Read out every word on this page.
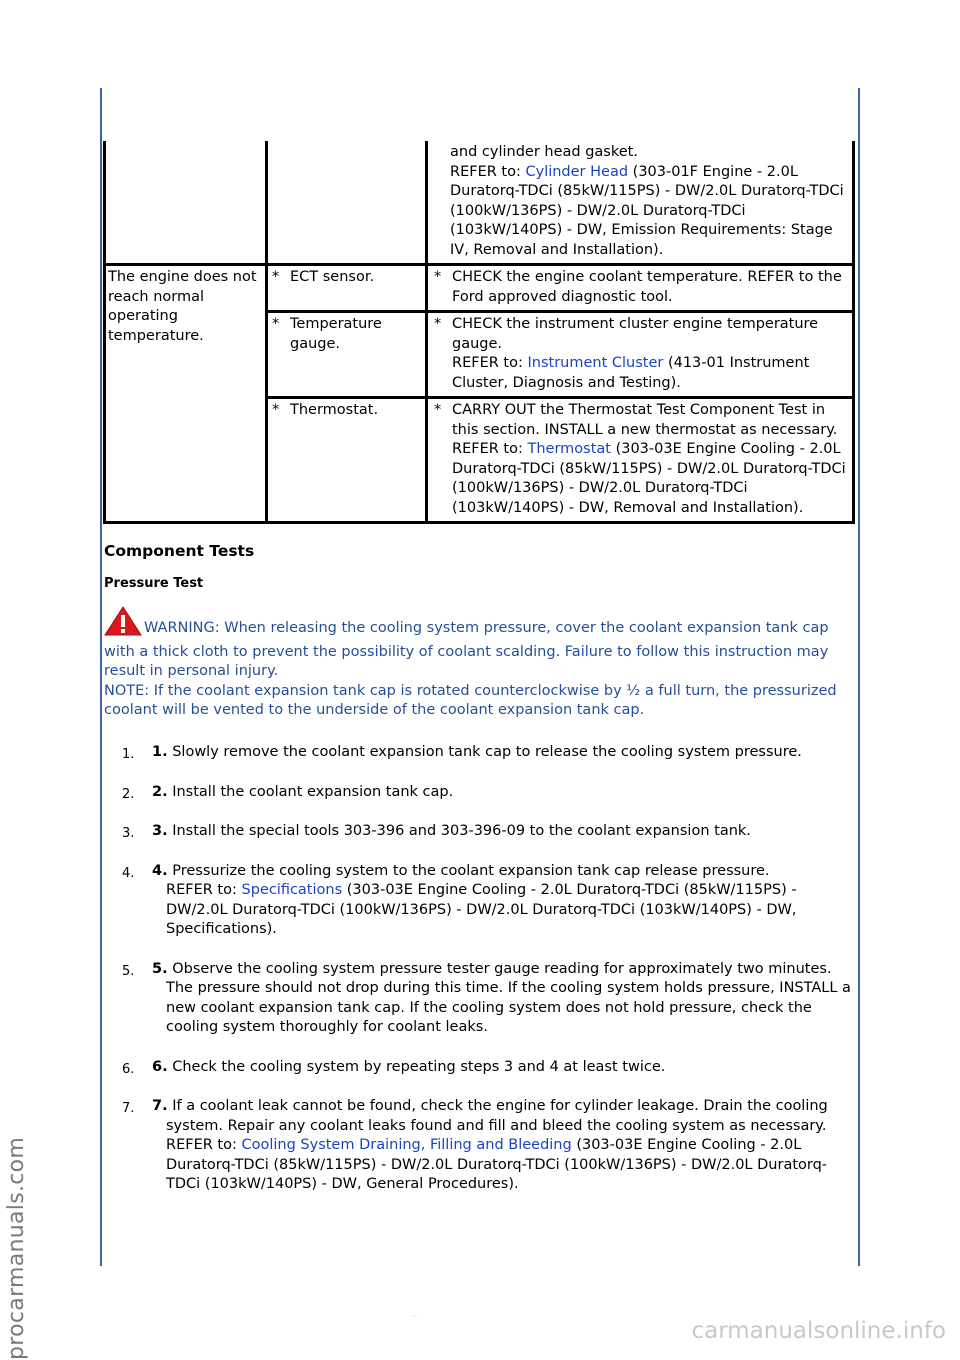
procarmanuals.com	carmanualsonline.info
...

		and cylinder head gasket.
REFER to: Cylinder Head (303-01F Engine - 2.0L Duratorq-TDCi (85kW/115PS) - DW/2.0L Duratorq-TDCi (100kW/136PS) - DW/2.0L Duratorq-TDCi (103kW/140PS) - DW, Emission Requirements: Stage IV, Removal and Installation).

The engine does not reach normal operating temperature.	* ECT sensor.	* CHECK the engine coolant temperature. REFER to the Ford approved diagnostic tool.

	* Temperature gauge.	* CHECK the instrument cluster engine temperature gauge.
REFER to: Instrument Cluster (413-01 Instrument Cluster, Diagnosis and Testing).

	* Thermostat.	* CARRY OUT the Thermostat Test Component Test in this section. INSTALL a new thermostat as necessary.
REFER to: Thermostat (303-03E Engine Cooling - 2.0L Duratorq-TDCi (85kW/115PS) - DW/2.0L Duratorq-TDCi (100kW/136PS) - DW/2.0L Duratorq-TDCi (103kW/140PS) - DW, Removal and Installation).
Component Tests
Pressure Test
WARNING: When releasing the cooling system pressure, cover the coolant expansion tank cap with a thick cloth to prevent the possibility of coolant scalding. Failure to follow this instruction may result in personal injury.
NOTE: If the coolant expansion tank cap is rotated counterclockwise by ½ a full turn, the pressurized coolant will be vented to the underside of the coolant expansion tank cap.
1. 1. Slowly remove the coolant expansion tank cap to release the cooling system pressure.
2. 2. Install the coolant expansion tank cap.
3. 3. Install the special tools 303-396 and 303-396-09 to the coolant expansion tank.
4. 4. Pressurize the cooling system to the coolant expansion tank cap release pressure.
REFER to: Specifications (303-03E Engine Cooling - 2.0L Duratorq-TDCi (85kW/115PS) - DW/2.0L Duratorq-TDCi (100kW/136PS) - DW/2.0L Duratorq-TDCi (103kW/140PS) - DW, Specifications).
5. 5. Observe the cooling system pressure tester gauge reading for approximately two minutes. The pressure should not drop during this time. If the cooling system holds pressure, INSTALL a new coolant expansion tank cap. If the cooling system does not hold pressure, check the cooling system thoroughly for coolant leaks.
6. 6. Check the cooling system by repeating steps 3 and 4 at least twice.
7. 7. If a coolant leak cannot be found, check the engine for cylinder leakage. Drain the cooling system. Repair any coolant leaks found and fill and bleed the cooling system as necessary.
REFER to: Cooling System Draining, Filling and Bleeding (303-03E Engine Cooling - 2.0L Duratorq-TDCi (85kW/115PS) - DW/2.0L Duratorq-TDCi (100kW/136PS) - DW/2.0L Duratorq-TDCi (103kW/140PS) - DW, General Procedures).
